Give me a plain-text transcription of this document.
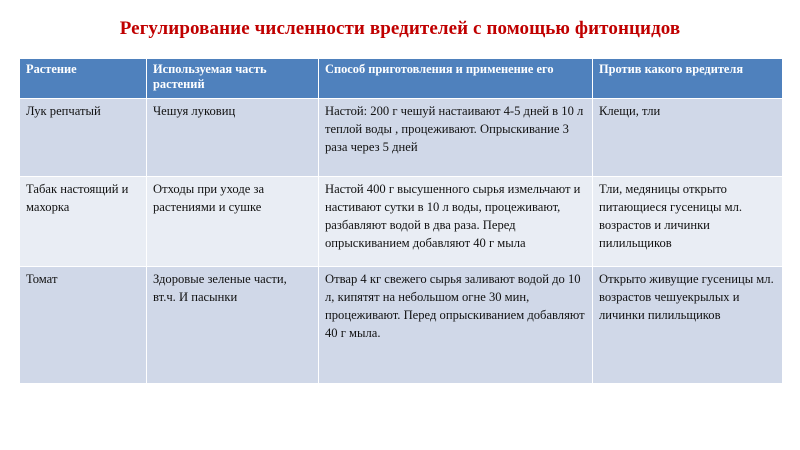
Регулирование численности вредителей с помощью фитонцидов
Растение	Используемая часть растений	Способ приготовления и применение его	Против какого вредителя
Лук репчатый	Чешуя луковиц	Настой: 200 г чешуй настаивают 4-5 дней в 10 л теплой воды , процеживают. Опрыскивание 3 раза через 5 дней	Клещи, тли
Табак настоящий и махорка	Отходы при уходе за растениями и сушке	Настой 400 г высушенного сырья измельчают и настивают сутки в 10 л воды, процеживают, разбавляют водой в два раза. Перед опрыскиванием добавляют 40 г мыла	Тли, медяницы открыто питающиеся гусеницы мл. возрастов и личинки пилильщиков
Томат	Здоровые зеленые части, вт.ч. И пасынки	Отвар 4 кг свежего сырья заливают водой до 10 л, кипятят на небольшом огне 30 мин, процеживают. Перед опрыскиванием добавляют 40 г мыла.	Открыто живущие гусеницы мл. возрастов чешуекрылых и личинки пилильщиков
